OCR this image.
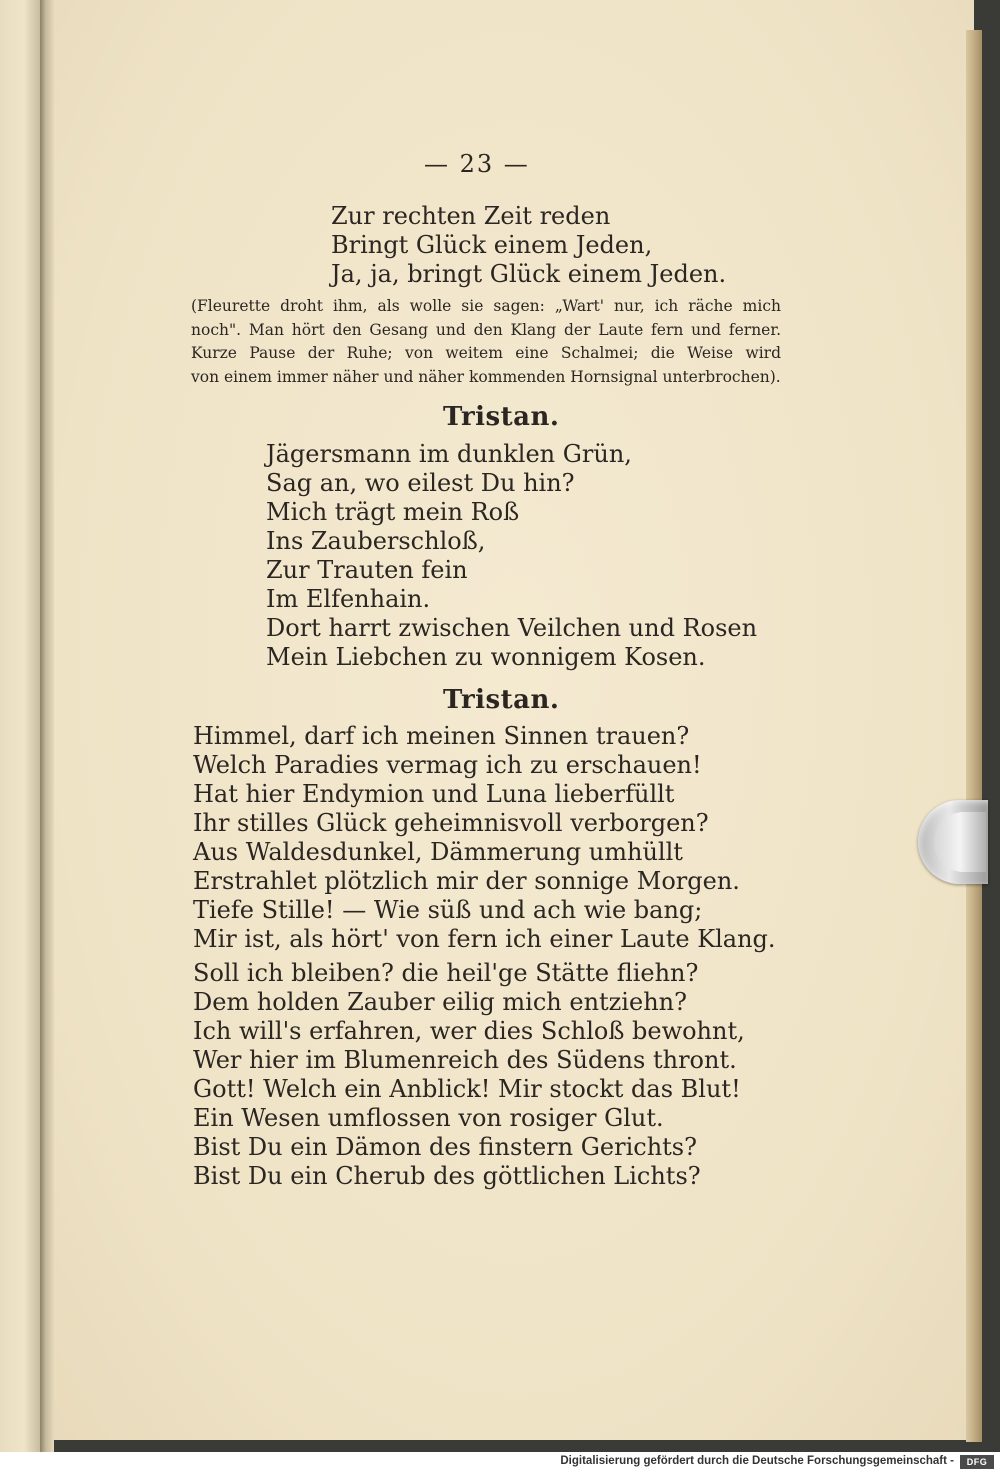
— 23 —
Zur rechten Zeit reden
Bringt Glück einem Jeden,
Ja, ja, bringt Glück einem Jeden.
(Fleurette droht ihm, als wolle sie sagen: „Wart' nur, ich räche mich
noch". Man hört den Gesang und den Klang der Laute fern und ferner.
Kurze Pause der Ruhe; von weitem eine Schalmei; die Weise wird
von einem immer näher und näher kommenden Hornsignal unterbrochen).
Tristan.
Jägersmann im dunklen Grün,
Sag an, wo eilest Du hin?
Mich trägt mein Roß
Ins Zauberschloß,
Zur Trauten fein
Im Elfenhain.
Dort harrt zwischen Veilchen und Rosen
Mein Liebchen zu wonnigem Kosen.
Tristan.
Himmel, darf ich meinen Sinnen trauen?
Welch Paradies vermag ich zu erschauen!
Hat hier Endymion und Luna lieberfüllt
Ihr stilles Glück geheimnisvoll verborgen?
Aus Waldesdunkel, Dämmerung umhüllt
Erstrahlet plötzlich mir der sonnige Morgen.
Tiefe Stille! — Wie süß und ach wie bang;
Mir ist, als hört' von fern ich einer Laute Klang.
Soll ich bleiben? die heil'ge Stätte fliehn?
Dem holden Zauber eilig mich entziehn?
Ich will's erfahren, wer dies Schloß bewohnt,
Wer hier im Blumenreich des Südens thront.
Gott! Welch ein Anblick! Mir stockt das Blut!
Ein Wesen umflossen von rosiger Glut.
Bist Du ein Dämon des finstern Gerichts?
Bist Du ein Cherub des göttlichen Lichts?
Digitalisierung gefördert durch die Deutsche Forschungsgemeinschaft -	DFG
